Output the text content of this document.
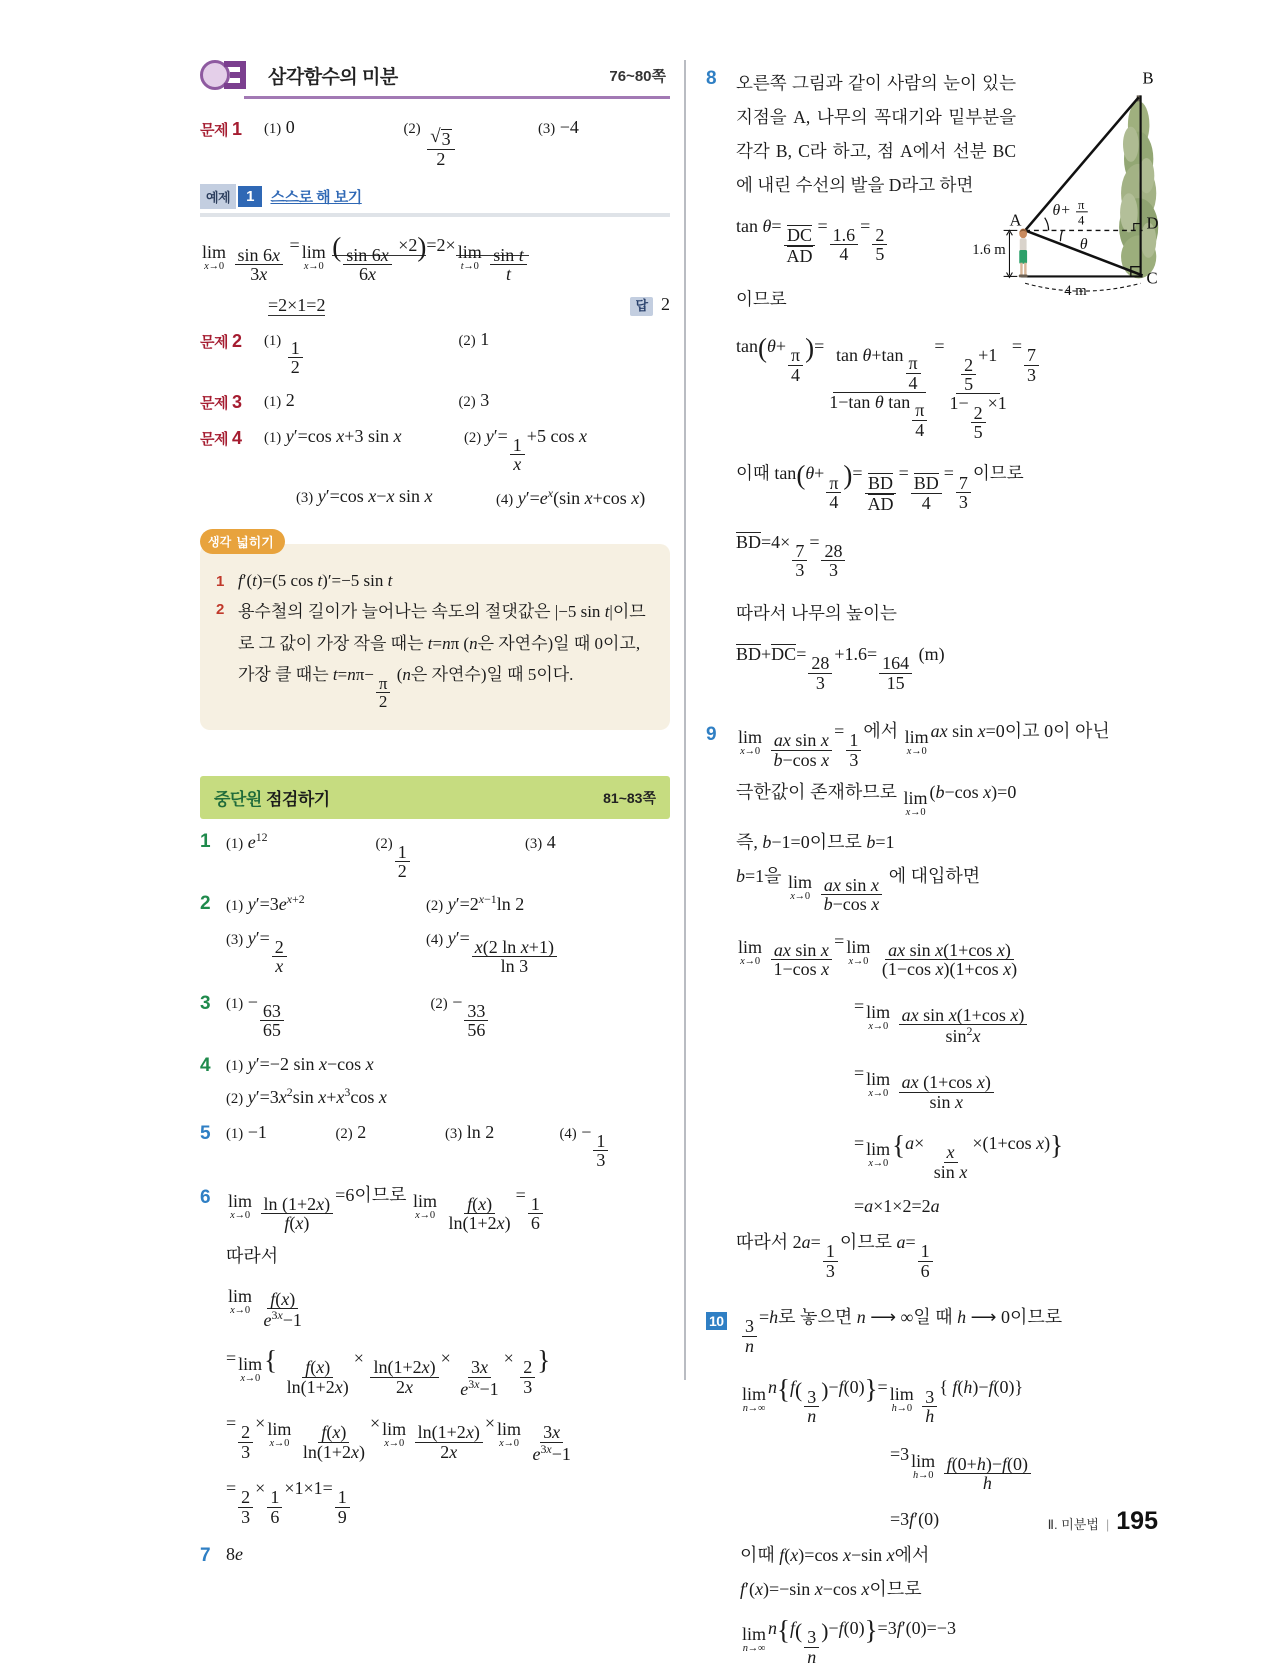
삼각함수의 미분	76~80쪽
문제 1	(1) 0	$(2) \frac{√ 3}{2}$	(3) −4
예제	1	스스로 해 보기
lim
x→0
$\frac{\sin 6x}{3x}$
= lim
x→0
( $\frac{\sin 6x}{6x}$
×2)=2× lim
t→0
$\frac{\text{sin t}}{t}$
=2×1=2	답 2
문제 2	$(1) \frac{1}{2}$	(2) 1
문제 3	(1) 2	(2) 3
문제 4	(1) y′=cos x+3 sin x	(2) y′=
$\frac{1}{x}$
+5 cos x
(3) y′=cos x−x sin x	(4) $y'=e^x(\sin$ x+cos x)
생각 넓히기
1 f′(t)=(5 cos t)′=−5 sin t
2 용수철의 길이가 늘어나는 속도의 절댓값은 |−5 sin t|이므로 그 값이 가장 작을 때는 t=nπ (n은 자연수)일 때 0이고, 가장 클 때는 t=nπ−
$\frac{\pi}{2}$
(n은 자연수)일 때 5이다.
중단원 점검하기	81~83쪽
1	(1) $e^{12}$	$(2) \frac{1}{2}$	(3) 4
2	(1) $y'=3e^{x+2}$	(2) $y'=2^{x-1}\ln$ 2
(3) y′=
$\frac{2}{x}$	(4) y′=
$\frac{\text{x(2 ln x+1)}}{\ln 3}$
3	(1) −
$\frac{63}{65}$	(2) −
$\frac{33}{56}$
4	(1) y′=−2 sin x−cos x
(2) $y'=3x^2\sin$ $x+x^3\cos$ x
5	(1) −1	(2) 2	(3) ln 2	(4) −
$\frac{1}{3}$
6 lim
x→0
$\frac{\ln (1+2x)}{f(x)}$
=6이므로 lim
x→0
$\frac{f(x)}{\ln(1+2x)}$
=
$\frac{1}{6}$
따라서
lim
x→0
$\frac{f(x)}{e^{3x}-1}$
= lim
x→0
{ $\frac{f(x)}{\ln(1+2x)}$
×
$\frac{\ln(1+2x)}{2x}$
×
$\frac{3x}{e^{3x}-1}$
×
$\frac{2}{3}$ }
=
$\frac{2}{3}$
× lim
x→0
$\frac{f(x)}{\ln(1+2x)}$
× lim
x→0
$\frac{\ln(1+2x)}{2x}$
× lim
x→0
$\frac{3x}{e^{3x}-1}$
=
$\frac{2}{3}$
×
$\frac{1}{6}$
×1×1=
$\frac{1}{9}$
7 8e
8	오른쪽 그림과 같이 사람의 눈이 있는 지점을 A, 나무의 꼭대기와 밑부분을 각각 B, C라 하고, 점 A에서 선분 BC에 내린 수선의 발을 D라고 하면
$\tan \theta= \frac{DC}{AD}$ =
$\frac{1.6}{4}$
=
$\frac{2}{5}$
이므로
tan(θ+
$\frac{\pi}{4}$ )=
$\frac{\tan \theta+\tan \frac{\pi}{4}}{1-\tan \theta \tan \frac{\pi}{4}}$
=
$\frac{2}{5}$
+1
1−
$\frac{2}{5}$
×1
=
$\frac{7}{3}$
이때 tan(θ+
$\frac{\pi}{4}$ )= $\frac{BD}{AD} = \frac{BD}{4}$ =
$\frac{7}{3}$
이므로
BD=4×
$\frac{7}{3}$
=
$\frac{28}{3}$
따라서 나무의 높이는
BD+DC=
$\frac{28}{3}$
+1.6=
$\frac{164}{15}$
(m)
B
A
C
D
1.6 m
4 m
θ
θ+ π
4
9	lim
x→0
$\frac{\text{ax sin x}}{\text{b−cos x}}$
=
$\frac{1}{3}$
에서 lim
x→0
ax sin x=0이고 0이 아닌
극한값이 존재하므로 lim
x→0
(b−cos x)=0
즉, b−1=0이므로 b=1
b=1을 lim
x→0
$\frac{\text{ax sin x}}{\text{b−cos x}}$
에 대입하면
lim
x→0
$\frac{\text{ax sin x}}{\text{1−cos x}}$
= lim
x→0
$\frac{\text{ax sin x(1+cos x)}}{\text{(1−cos x)(1+cos x)}}$
= lim
x→0
$\frac{\text{ax sin x(1+cos x)}}{\sin^2x}$
= lim
x→0
$\frac{\text{ax (1+cos x)}}{\text{sin x}}$
= lim
x→0
{a×
$\frac{x}{\text{sin x}}$
×(1+cos x)}
=a×1×2=2a
따라서 2a=
$\frac{1}{3}$
이므로 a=
$\frac{1}{6}$
10	$\frac{3}{n}$
=h로 놓으면 n ⟶ ∞일 때 h ⟶ 0이므로
lim
n→∞
$n\{f( \frac{3}{n} )-f(0)\}= \lim$
h→0
$\frac{3}{h}$
{ f(h)−f(0)}
=3 lim
h→0
$\frac{f(0+h)-f(0)}{h}$
=3f′(0)
이때 f(x)=cos x−sin x에서
f′(x)=−sin x−cos x이므로
lim
n→∞
$n\{f( \frac{3}{n} )-f(0)\}=3f'(0)=-3$
Ⅱ. 미분법 | 195
